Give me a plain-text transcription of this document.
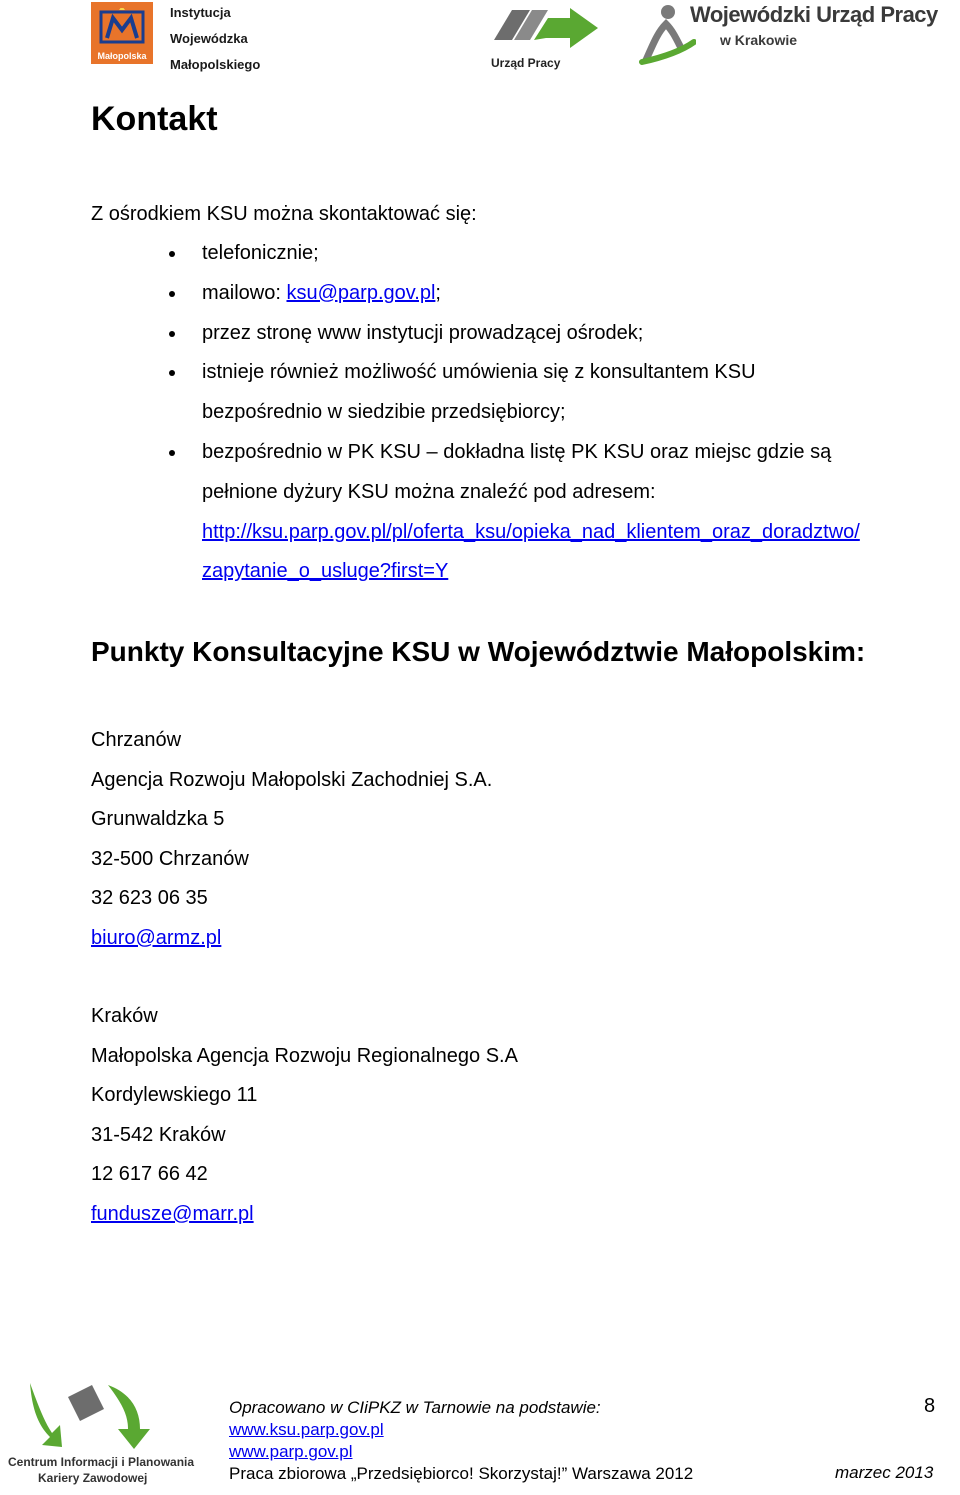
Małopolska
Instytucja
Wojewódzka
Małopolskiego	Urząd Pracy
Wojewódzki Urząd Pracy
w Krakowie
Kontakt

Z ośrodkiem KSU można skontaktować się:

telefonicznie;
mailowo: ksu@parp.gov.pl;
przez stronę www instytucji prowadzącej ośrodek;
istnieje również możliwość umówienia się z konsultantem KSU
bezpośrednio w siedzibie przedsiębiorcy;
bezpośrednio w PK KSU – dokładna listę PK KSU oraz miejsc gdzie są
pełnione dyżury KSU można znaleźć pod adresem:
http://ksu.parp.gov.pl/pl/oferta_ksu/opieka_nad_klientem_oraz_doradztwo/
zapytanie_o_usluge?first=Y
Punkty Konsultacyjne KSU w Województwie Małopolskim:
Chrzanów
Agencja Rozwoju Małopolski Zachodniej S.A.
Grunwaldzka 5
32-500 Chrzanów
32 623 06 35
biuro@armz.pl
Kraków
Małopolska Agencja Rozwoju Regionalnego S.A
Kordylewskiego 11
31-542 Kraków
12 617 66 42
fundusze@marr.pl
Centrum Informacji i Planowania
Kariery Zawodowej
Opracowano w CIiPKZ w Tarnowie na podstawie:
www.ksu.parp.gov.pl
www.parp.gov.pl
Praca zbiorowa „Przedsiębiorco! Skorzystaj!” Warszawa 2012
8
marzec 2013
